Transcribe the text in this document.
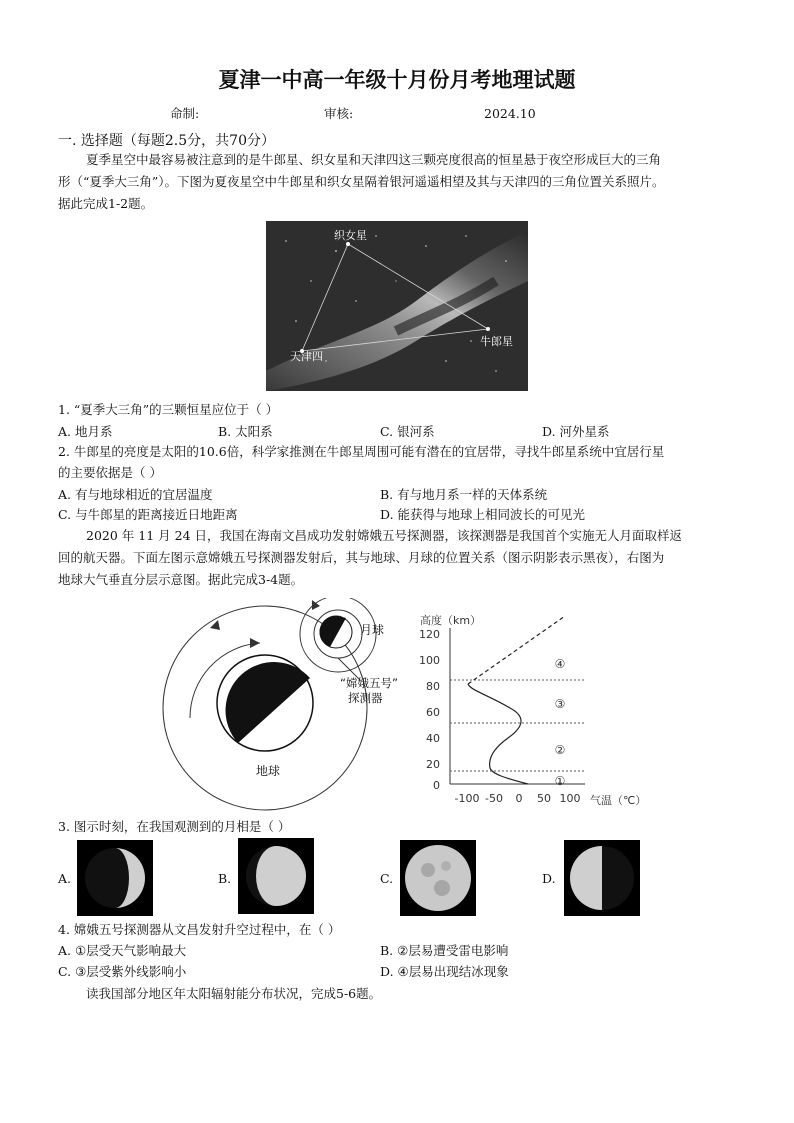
夏津一中高一年级十月份月考地理试题
命制:	审核:	2024.10
一. 选择题（每题2.5分，共70分）
夏季星空中最容易被注意到的是牛郎星、织女星和天津四这三颗亮度很高的恒星悬于夜空形成巨大的三角
形（“夏季大三角”）。下图为夏夜星空中牛郎星和织女星隔着银河遥遥相望及其与天津四的三角位置关系照片。
据此完成1-2题。
织女星
牛郎星
天津四
1. “夏季大三角”的三颗恒星应位于（ ）
A. 地月系	B. 太阳系	C. 银河系	D. 河外星系
2. 牛郎星的亮度是太阳的10.6倍，科学家推测在牛郎星周围可能有潜在的宜居带，寻找牛郎星系统中宜居行星
的主要依据是（ ）
A. 有与地球相近的宜居温度	B. 有与地月系一样的天体系统
C. 与牛郎星的距离接近日地距离	D. 能获得与地球上相同波长的可见光
2020 年 11 月 24 日，我国在海南文昌成功发射嫦娥五号探测器，该探测器是我国首个实施无人月面取样返
回的航天器。下面左图示意嫦娥五号探测器发射后，其与地球、月球的位置关系（图示阴影表示黑夜），右图为
地球大气垂直分层示意图。据此完成3-4题。
月球
“嫦娥五号”
探测器
地球
高度（km）
气温（℃）
120
100
80
60
40
20
0
-100 -50 0 50 100
①
②
③
④
3. 图示时刻，在我国观测到的月相是（ ）
A.	B.	C.	D.
4. 嫦娥五号探测器从文昌发射升空过程中，在（ ）
A. ①层受天气影响最大	B. ②层易遭受雷电影响
C. ③层受紫外线影响小	D. ④层易出现结冰现象
读我国部分地区年太阳辐射能分布状况，完成5-6题。
